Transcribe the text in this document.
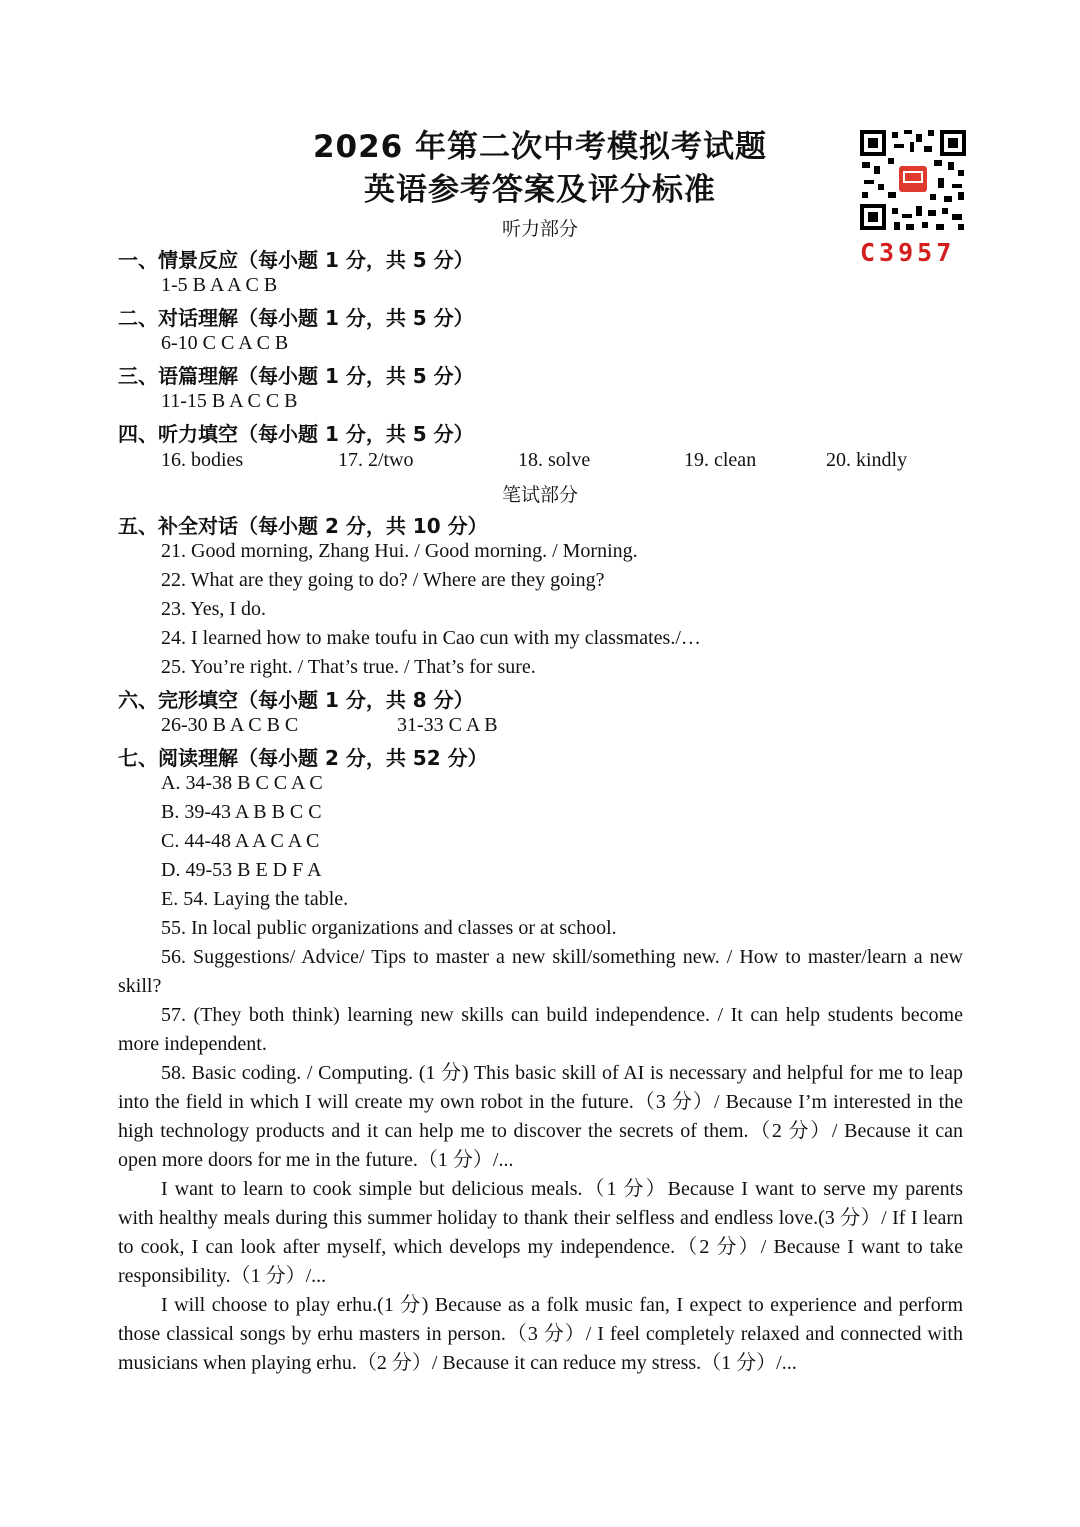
2026 年第二次中考模拟考试题
英语参考答案及评分标准
C3957
听力部分
一、情景反应（每小题 1 分，共 5 分）
1-5 B A A C B
二、对话理解（每小题 1 分，共 5 分）
6-10 C C A C B
三、语篇理解（每小题 1 分，共 5 分）
11-15 B A C C B
四、听力填空（每小题 1 分，共 5 分）
16. bodies	17. 2/two	18. solve	19. clean	20. kindly
笔试部分
五、补全对话（每小题 2 分，共 10 分）
21. Good morning, Zhang Hui. / Good morning. / Morning.
22. What are they going to do? / Where are they going?
23. Yes, I do.
24. I learned how to make toufu in Cao cun with my classmates./…
25. You’re right. / That’s true. / That’s for sure.
六、完形填空（每小题 1 分，共 8 分）
26-30 B A C B C	31-33 C A B
七、阅读理解（每小题 2 分，共 52 分）
A. 34-38 B C C A C
B. 39-43 A B B C C
C. 44-48 A A C A C
D. 49-53 B E D F A
E. 54. Laying the table.
55. In local public organizations and classes or at school.

56. Suggestions/ Advice/ Tips to master a new skill/something new. / How to master/learn a new skill?

57. (They both think) learning new skills can build independence. / It can help students become more independent.

58. Basic coding. / Computing. (1 分) This basic skill of AI is necessary and helpful for me to leap into the field in which I will create my own robot in the future.（3 分）/ Because I’m interested in the high technology products and it can help me to discover the secrets of them.（2 分）/ Because it can open more doors for me in the future.（1 分）/...

I want to learn to cook simple but delicious meals.（1 分）Because I want to serve my parents with healthy meals during this summer holiday to thank their selfless and endless love.(3 分）/ If I learn to cook, I can look after myself, which develops my independence.（2 分）/ Because I want to take responsibility.（1 分）/...

I will choose to play erhu.(1 分) Because as a folk music fan, I expect to experience and perform those classical songs by erhu masters in person.（3 分）/ I feel completely relaxed and connected with musicians when playing erhu.（2 分）/ Because it can reduce my stress.（1 分）/...
